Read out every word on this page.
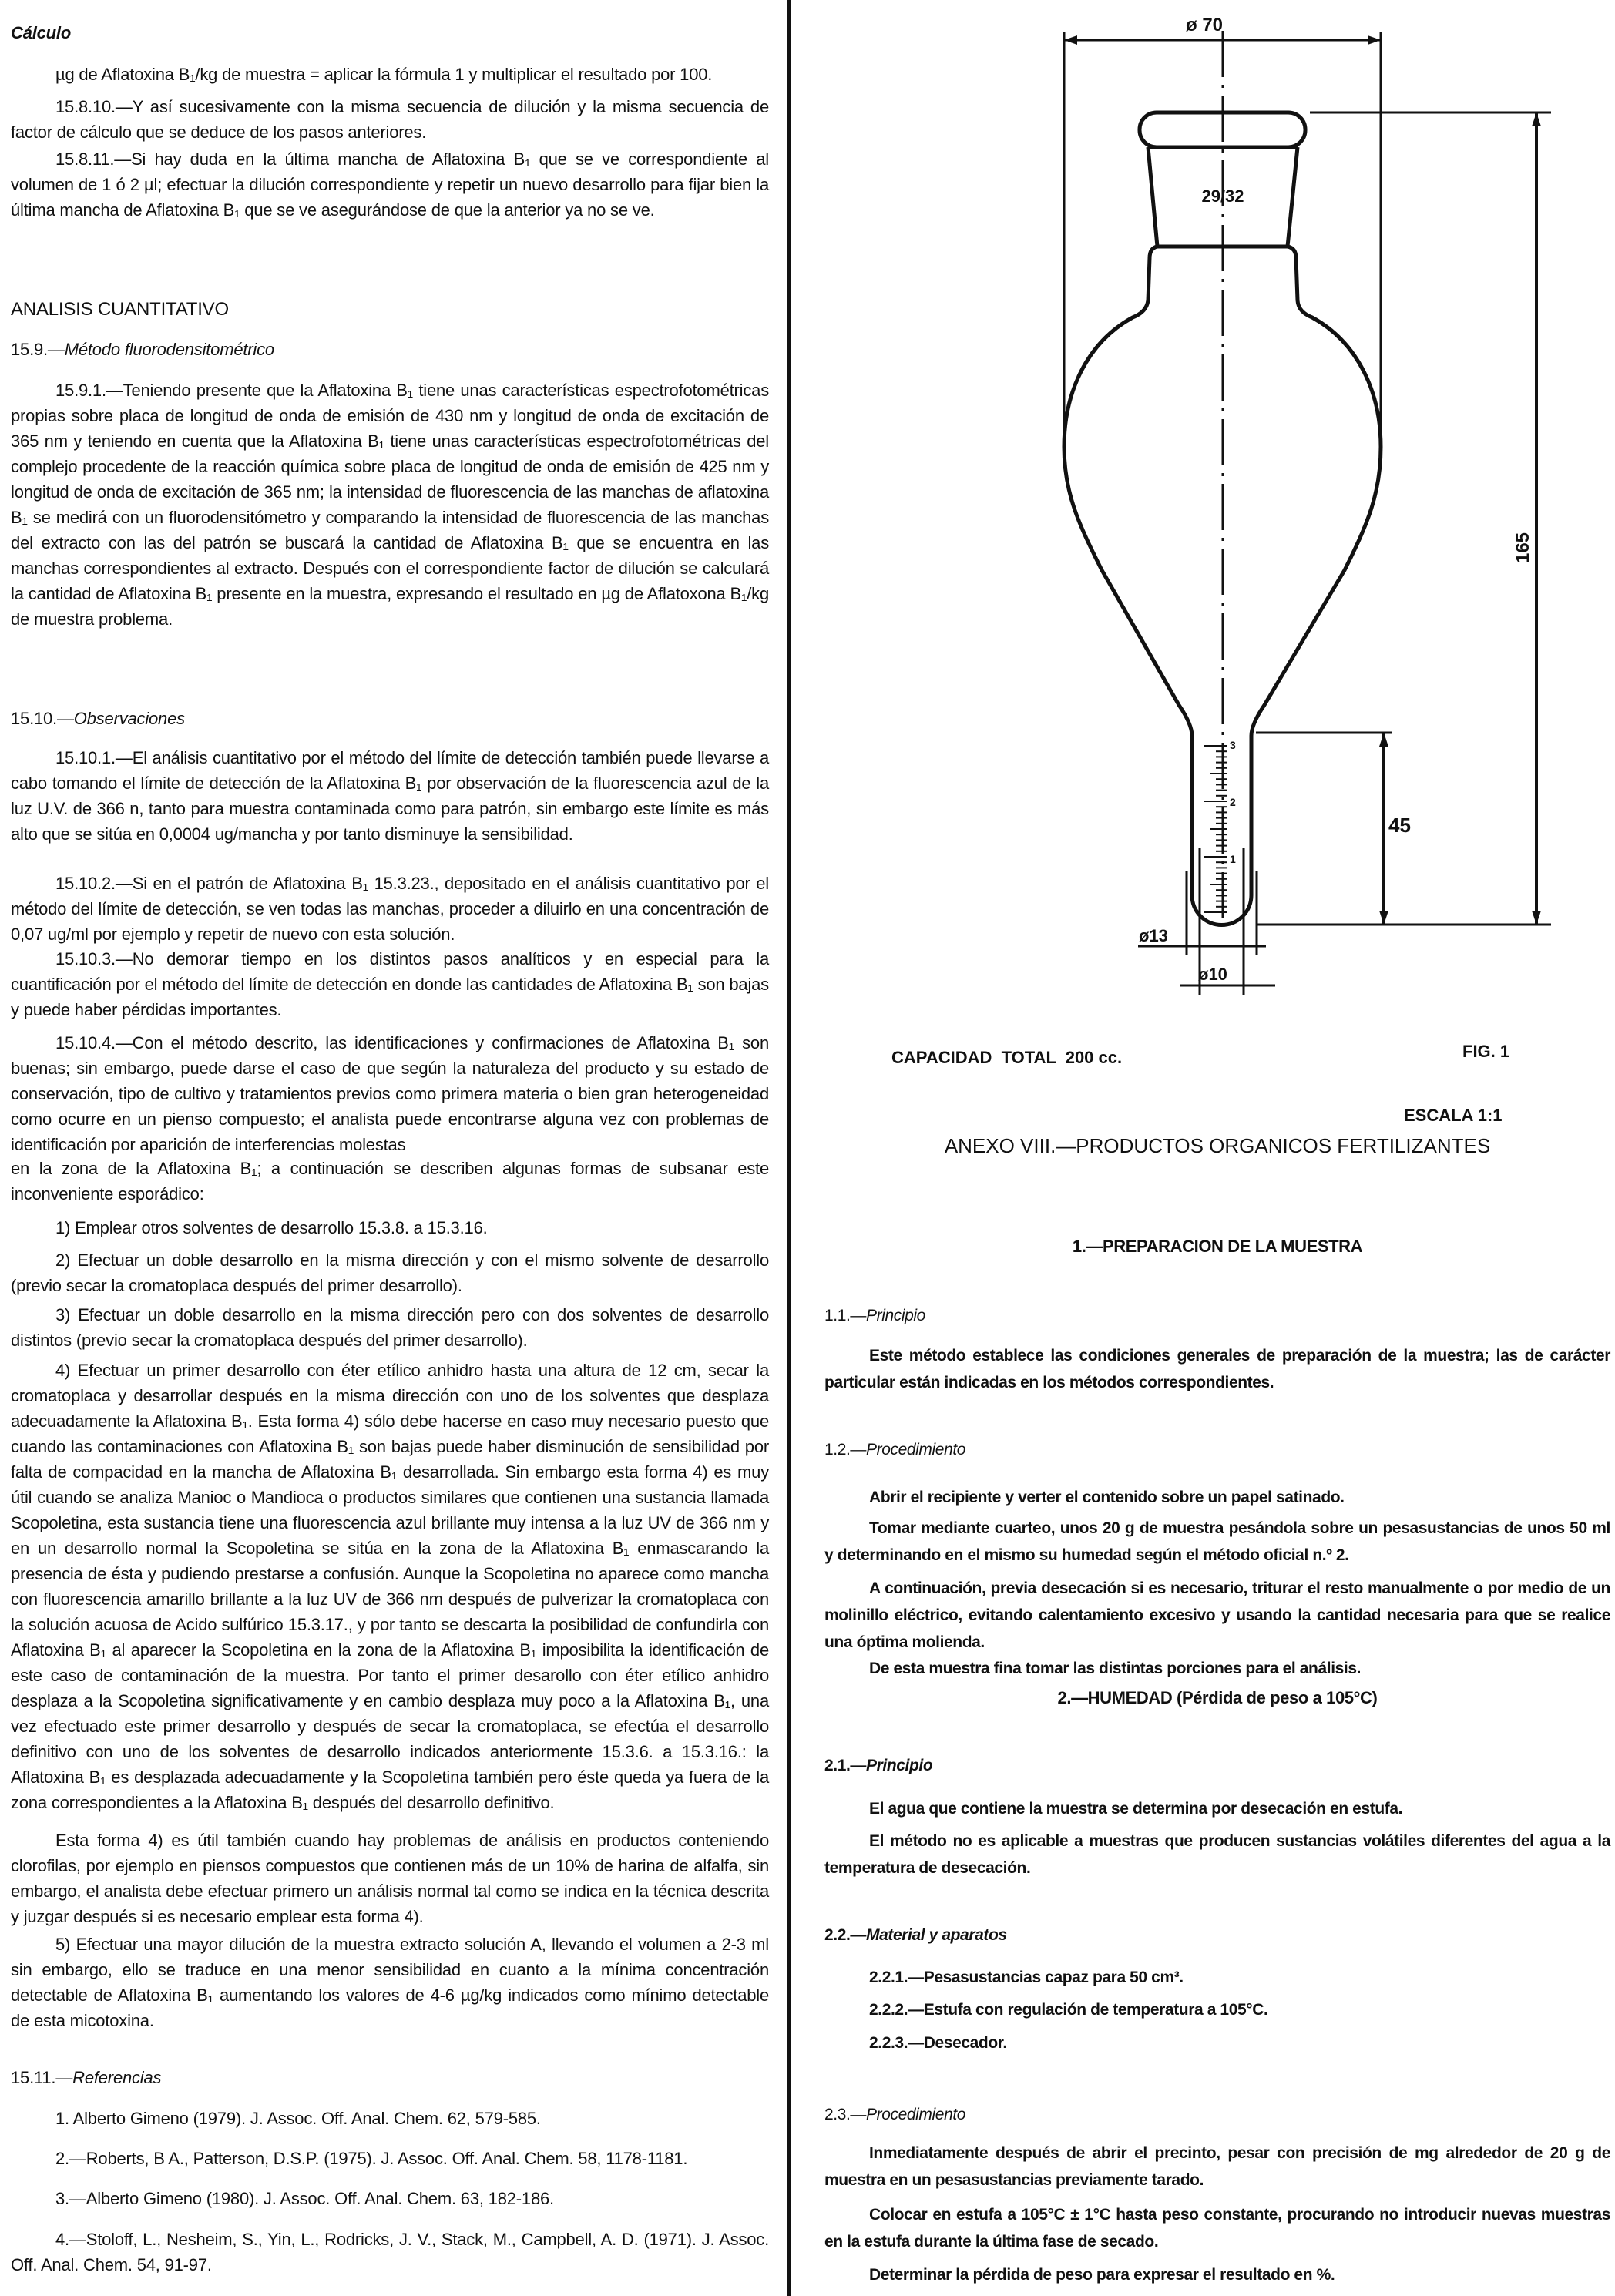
Cálculo
µg de Aflatoxina B₁/kg de muestra = aplicar la fórmula 1 y multiplicar el resultado por 100.
15.8.10.—Y así sucesivamente con la misma secuencia de dilución y la misma secuencia de factor de cálculo que se deduce de los pasos anteriores.
15.8.11.—Si hay duda en la última mancha de Aflatoxina B₁ que se ve correspondiente al volumen de 1 ó 2 µl; efectuar la dilución correspondiente y repetir un nuevo desarrollo para fijar bien la última mancha de Aflatoxina B₁ que se ve asegurándose de que la anterior ya no se ve.
ANALISIS CUANTITATIVO
15.9.—Método fluorodensitométrico
15.9.1.—Teniendo presente que la Aflatoxina B₁ tiene unas características espectrofotométricas propias sobre placa de longitud de onda de emisión de 430 nm y longitud de onda de excitación de 365 nm y teniendo en cuenta que la Aflatoxina B₁ tiene unas características espectrofotométricas del complejo procedente de la reacción química sobre placa de longitud de onda de emisión de 425 nm y longitud de onda de excitación de 365 nm; la intensidad de fluorescencia de las manchas de aflatoxina B₁ se medirá con un fluorodensitómetro y comparando la intensidad de fluorescencia de las manchas del extracto con las del patrón se buscará la cantidad de Aflatoxina B₁ que se encuentra en las manchas correspondientes al extracto. Después con el correspondiente factor de dilución se calculará la cantidad de Aflatoxina B₁ presente en la muestra, expresando el resultado en µg de Aflatoxona B₁/kg de muestra problema.
15.10.—Observaciones
15.10.1.—El análisis cuantitativo por el método del límite de detección también puede llevarse a cabo tomando el límite de detección de la Aflatoxina B₁ por observación de la fluorescencia azul de la luz U.V. de 366 n, tanto para muestra contaminada como para patrón, sin embargo este límite es más alto que se sitúa en 0,0004 ug/mancha y por tanto disminuye la sensibilidad.
15.10.2.—Si en el patrón de Aflatoxina B₁ 15.3.23., depositado en el análisis cuantitativo por el método del límite de detección, se ven todas las manchas, proceder a diluirlo en una concentración de 0,07 ug/ml por ejemplo y repetir de nuevo con esta solución.
15.10.3.—No demorar tiempo en los distintos pasos analíticos y en especial para la cuantificación por el método del límite de detección en donde las cantidades de Aflatoxina B₁ son bajas y puede haber pérdidas importantes.
15.10.4.—Con el método descrito, las identificaciones y confirmaciones de Aflatoxina B₁ son buenas; sin embargo, puede darse el caso de que según la naturaleza del producto y su estado de conservación, tipo de cultivo y tratamientos previos como primera materia o bien gran heterogeneidad como ocurre en un pienso compuesto; el analista puede encontrarse alguna vez con problemas de identificación por aparición de interferencias molestas
en la zona de la Aflatoxina B₁; a continuación se describen algunas formas de subsanar este inconveniente esporádico:
1) Emplear otros solventes de desarrollo 15.3.8. a 15.3.16.
2) Efectuar un doble desarrollo en la misma dirección y con el mismo solvente de desarrollo (previo secar la cromatoplaca después del primer desarrollo).
3) Efectuar un doble desarrollo en la misma dirección pero con dos solventes de desarrollo distintos (previo secar la cromatoplaca después del primer desarrollo).
4) Efectuar un primer desarrollo con éter etílico anhidro hasta una altura de 12 cm, secar la cromatoplaca y desarrollar después en la misma dirección con uno de los solventes que desplaza adecuadamente la Aflatoxina B₁. Esta forma 4) sólo debe hacerse en caso muy necesario puesto que cuando las contaminaciones con Aflatoxina B₁ son bajas puede haber disminución de sensibilidad por falta de compacidad en la mancha de Aflatoxina B₁ desarrollada. Sin embargo esta forma 4) es muy útil cuando se analiza Manioc o Mandioca o productos similares que contienen una sustancia llamada Scopoletina, esta sustancia tiene una fluorescencia azul brillante muy intensa a la luz UV de 366 nm y en un desarrollo normal la Scopoletina se sitúa en la zona de la Aflatoxina B₁ enmascarando la presencia de ésta y pudiendo prestarse a confusión. Aunque la Scopoletina no aparece como mancha con fluorescencia amarillo brillante a la luz UV de 366 nm después de pulverizar la cromatoplaca con la solución acuosa de Acido sulfúrico 15.3.17., y por tanto se descarta la posibilidad de confundirla con Aflatoxina B₁ al aparecer la Scopoletina en la zona de la Aflatoxina B₁ imposibilita la identificación de este caso de contaminación de la muestra. Por tanto el primer desarollo con éter etílico anhidro desplaza a la Scopoletina significativamente y en cambio desplaza muy poco a la Aflatoxina B₁, una vez efectuado este primer desarrollo y después de secar la cromatoplaca, se efectúa el desarrollo definitivo con uno de los solventes de desarrollo indicados anteriormente 15.3.6. a 15.3.16.: la Aflatoxina B₁ es desplazada adecuadamente y la Scopoletina también pero éste queda ya fuera de la zona correspondientes a la Aflatoxina B₁ después del desarrollo definitivo.
Esta forma 4) es útil también cuando hay problemas de análisis en productos conteniendo clorofilas, por ejemplo en piensos compuestos que contienen más de un 10% de harina de alfalfa, sin embargo, el analista debe efectuar primero un análisis normal tal como se indica en la técnica descrita y juzgar después si es necesario emplear esta forma 4).
5) Efectuar una mayor dilución de la muestra extracto solución A, llevando el volumen a 2-3 ml sin embargo, ello se traduce en una menor sensibilidad en cuanto a la mínima concentración detectable de Aflatoxina B₁ aumentando los valores de 4-6 µg/kg indicados como mínimo detectable de esta micotoxina.
15.11.—Referencias
1. Alberto Gimeno (1979). J. Assoc. Off. Anal. Chem. 62, 579-585.
2.—Roberts, B A., Patterson, D.S.P. (1975). J. Assoc. Off. Anal. Chem. 58, 1178-1181.
3.—Alberto Gimeno (1980). J. Assoc. Off. Anal. Chem. 63, 182-186.
4.—Stoloff, L., Nesheim, S., Yin, L., Rodricks, J. V., Stack, M., Campbell, A. D. (1971). J. Assoc. Off. Anal. Chem. 54, 91-97.
ø 70
29/32
165
45
ø13
ø10
3
2
1
CAPACIDAD  TOTAL  200 cc.	FIG. 1
ESCALA 1:1
ANEXO VIII.—PRODUCTOS ORGANICOS FERTILIZANTES
1.—PREPARACION DE LA MUESTRA
1.1.—Principio
Este método establece las condiciones generales de preparación de la muestra; las de carácter particular están indicadas en los métodos correspondientes.
1.2.—Procedimiento
Abrir el recipiente y verter el contenido sobre un papel satinado.
Tomar mediante cuarteo, unos 20 g de muestra pesándola sobre un pesasustancias de unos 50 ml y determinando en el mismo su humedad según el método oficial n.º 2.
A continuación, previa desecación si es necesario, triturar el resto manualmente o por medio de un molinillo eléctrico, evitando calentamiento excesivo y usando la cantidad necesaria para que se realice una óptima molienda.
De esta muestra fina tomar las distintas porciones para el análisis.
2.—HUMEDAD (Pérdida de peso a 105°C)
2.1.—Principio
El agua que contiene la muestra se determina por desecación en estufa.
El método no es aplicable a muestras que producen sustancias volátiles diferentes del agua a la temperatura de desecación.
2.2.—Material y aparatos
2.2.1.—Pesasustancias capaz para 50 cm³.
2.2.2.—Estufa con regulación de temperatura a 105°C.
2.2.3.—Desecador.
2.3.—Procedimiento
Inmediatamente después de abrir el precinto, pesar con precisión de mg alrededor de 20 g de muestra en un pesasustancias previamente tarado.
Colocar en estufa a 105°C ± 1°C hasta peso constante, procurando no introducir nuevas muestras en la estufa durante la última fase de secado.
Determinar la pérdida de peso para expresar el resultado en %.
